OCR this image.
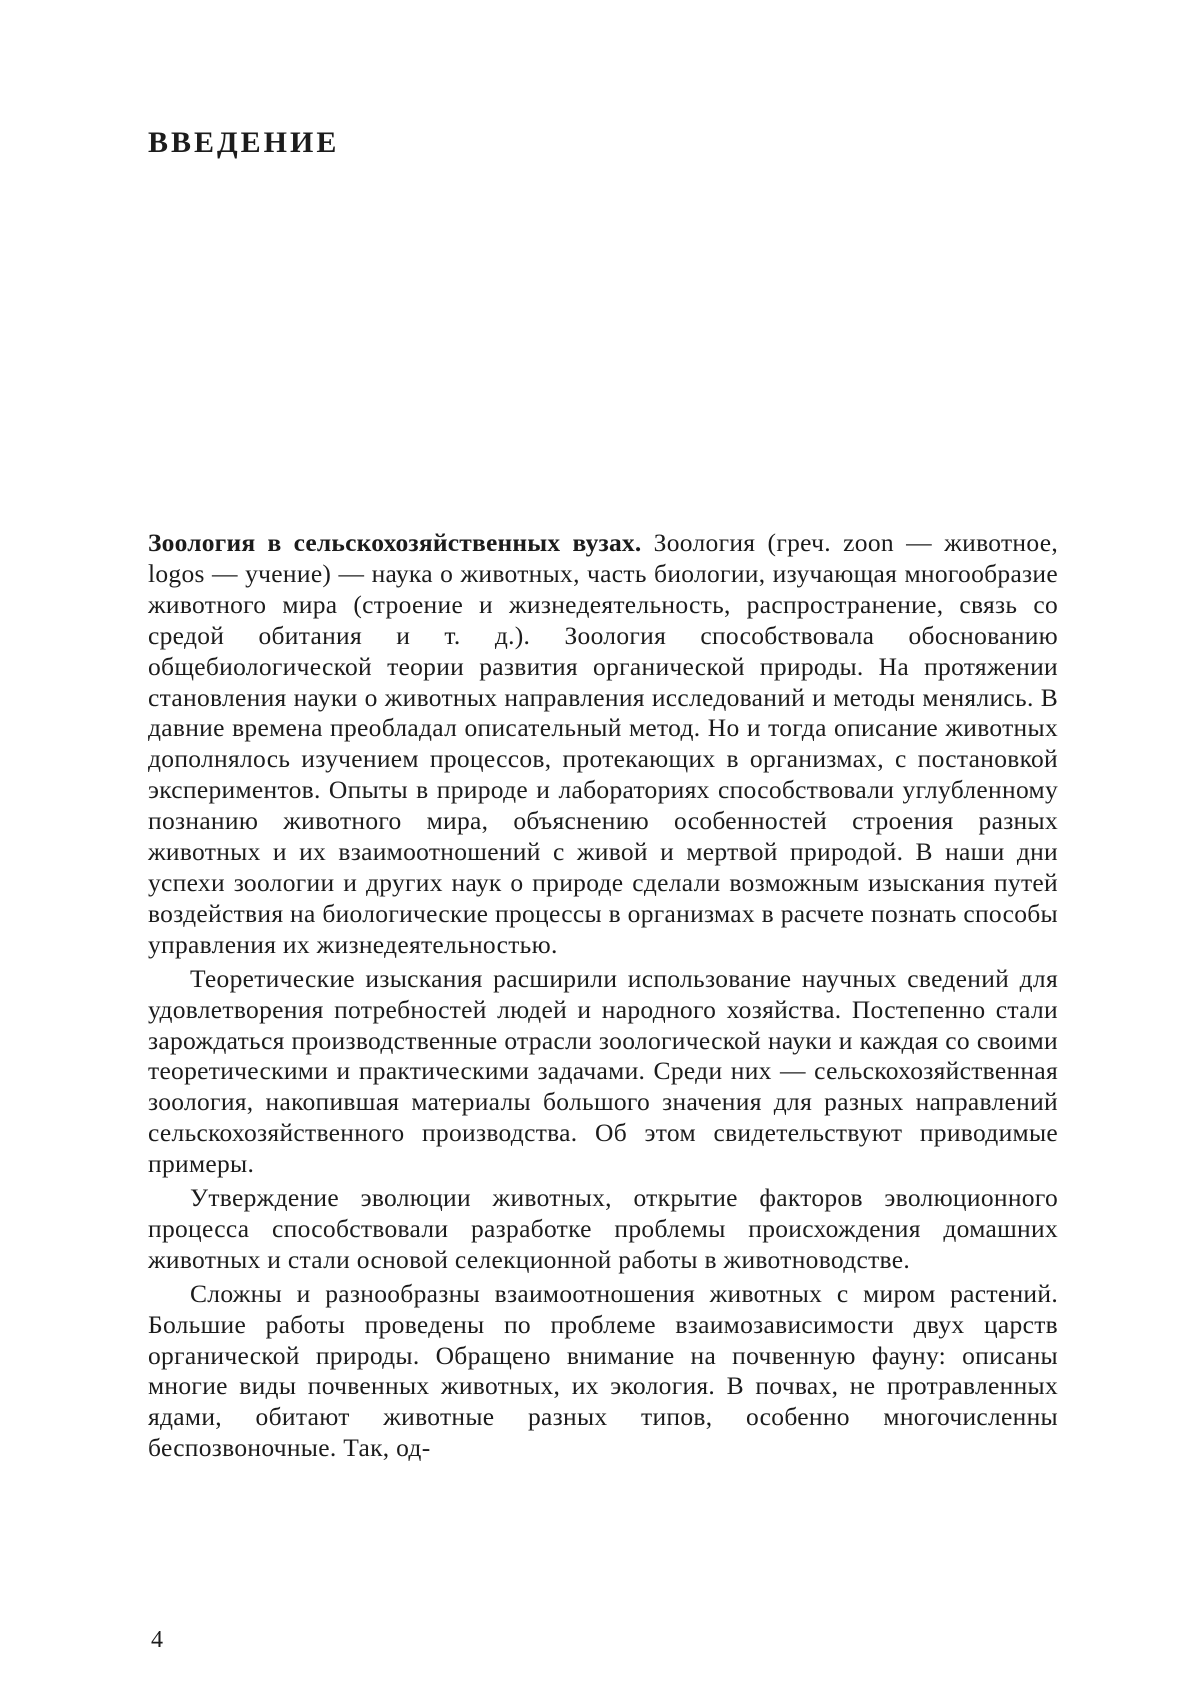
ВВЕДЕНИЕ

Зоология в сельскохозяйственных вузах. Зоология (греч. zoon — животное, logos — учение) — наука о животных, часть биологии, изучающая многообразие животного мира (строение и жизнедеятельность, распространение, связь со средой обитания и т. д.). Зоология способствовала обоснованию общебиологической теории развития органической природы. На протяжении становления науки о животных направления исследований и методы менялись. В давние времена преобладал описательный метод. Но и тогда описание животных дополнялось изучением процессов, протекающих в организмах, с постановкой экспериментов. Опыты в природе и лабораториях способствовали углубленному познанию животного мира, объяснению особенностей строения разных животных и их взаимоотношений с живой и мертвой природой. В наши дни успехи зоологии и других наук о природе сделали возможным изыскания путей воздействия на биологические процессы в организмах в расчете познать способы управления их жизнедеятельностью.

Теоретические изыскания расширили использование научных сведений для удовлетворения потребностей людей и народного хозяйства. Постепенно стали зарождаться производственные отрасли зоологической науки и каждая со своими теоретическими и практическими задачами. Среди них — сельскохозяйственная зоология, накопившая материалы большого значения для разных направлений сельскохозяйственного производства. Об этом свидетельствуют приводимые примеры.

Утверждение эволюции животных, открытие факторов эволюционного процесса способствовали разработке проблемы происхождения домашних животных и стали основой селекционной работы в животноводстве.

Сложны и разнообразны взаимоотношения животных с миром растений. Большие работы проведены по проблеме взаимозависимости двух царств органической природы. Обращено внимание на почвенную фауну: описаны многие виды почвенных животных, их экология. В почвах, не протравленных ядами, обитают животные разных типов, особенно многочисленны беспозвоночные. Так, од-

4
